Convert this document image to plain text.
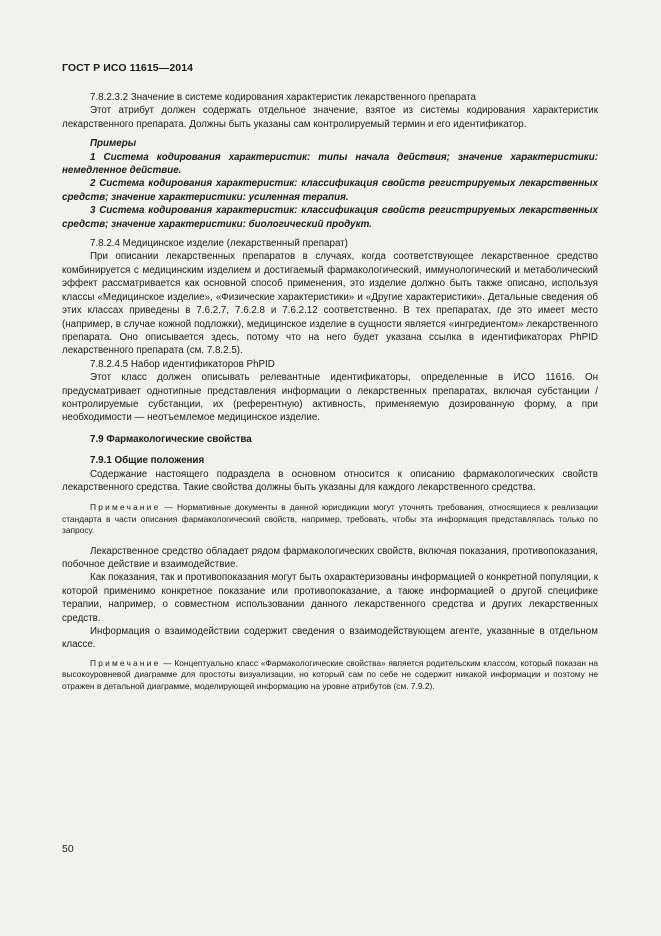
ГОСТ Р ИСО 11615—2014

7.8.2.3.2 Значение в системе кодирования характеристик лекарственного препарата

Этот атрибут должен содержать отдельное значение, взятое из системы кодирования характеристик лекарственного препарата. Должны быть указаны сам контролируемый термин и его идентификатор.

Примеры

1 Система кодирования характеристик: типы начала действия; значение характеристики: немедленное действие.

2 Система кодирования характеристик: классификация свойств регистрируемых лекарственных средств; значение характеристики: усиленная терапия.

3 Система кодирования характеристик: классификация свойств регистрируемых лекарственных средств; значение характеристики: биологический продукт.

7.8.2.4 Медицинское изделие (лекарственный препарат)

При описании лекарственных препаратов в случаях, когда соответствующее лекарственное средство комбинируется с медицинским изделием и достигаемый фармакологический, иммунологический и метаболический эффект рассматривается как основной способ применения, это изделие должно быть также описано, используя классы «Медицинское изделие», «Физические характеристики» и «Другие характеристики». Детальные сведения об этих классах приведены в 7.6.2.7, 7.6.2.8 и 7.6.2.12 соответственно. В тех препаратах, где это имеет место (например, в случае кожной подложки), медицинское изделие в сущности является «ингредиентом» лекарственного препарата. Оно описывается здесь, потому что на него будет указана ссылка в идентификаторах PhPID лекарственного препарата (см. 7.8.2.5).

7.8.2.4.5 Набор идентификаторов PhPID

Этот класс должен описывать релевантные идентификаторы, определенные в ИСО 11616. Он предусматривает однотипные представления информации о лекарственных препаратах, включая субстанции / контролируемые субстанции, их (референтную) активность, применяемую дозированную форму, а при необходимости — неотъемлемое медицинское изделие.

7.9 Фармакологические свойства

7.9.1 Общие положения

Содержание настоящего подраздела в основном относится к описанию фармакологических свойств лекарственного средства. Такие свойства должны быть указаны для каждого лекарственного средства.

Примечание — Нормативные документы в данной юрисдикции могут уточнять требования, относящиеся к реализации стандарта в части описания фармакологический свойств, например, требовать, чтобы эта информация представлялась только по запросу.

Лекарственное средство обладает рядом фармакологических свойств, включая показания, противопоказания, побочное действие и взаимодействие.

Как показания, так и противопоказания могут быть охарактеризованы информацией о конкретной популяции, к которой применимо конкретное показание или противопоказание, а также информацией о другой специфике терапии, например, о совместном использовании данного лекарственного средства и других лекарственных средств.

Информация о взаимодействии содержит сведения о взаимодействующем агенте, указанные в отдельном классе.

Примечание — Концептуально класс «Фармакологические свойства» является родительским классом, который показан на высокоуровневой диаграмме для простоты визуализации, но который сам по себе не содержит никакой информации и поэтому не отражен в детальной диаграмме, моделирующей информацию на уровне атрибутов (см. 7.9.2).

50
